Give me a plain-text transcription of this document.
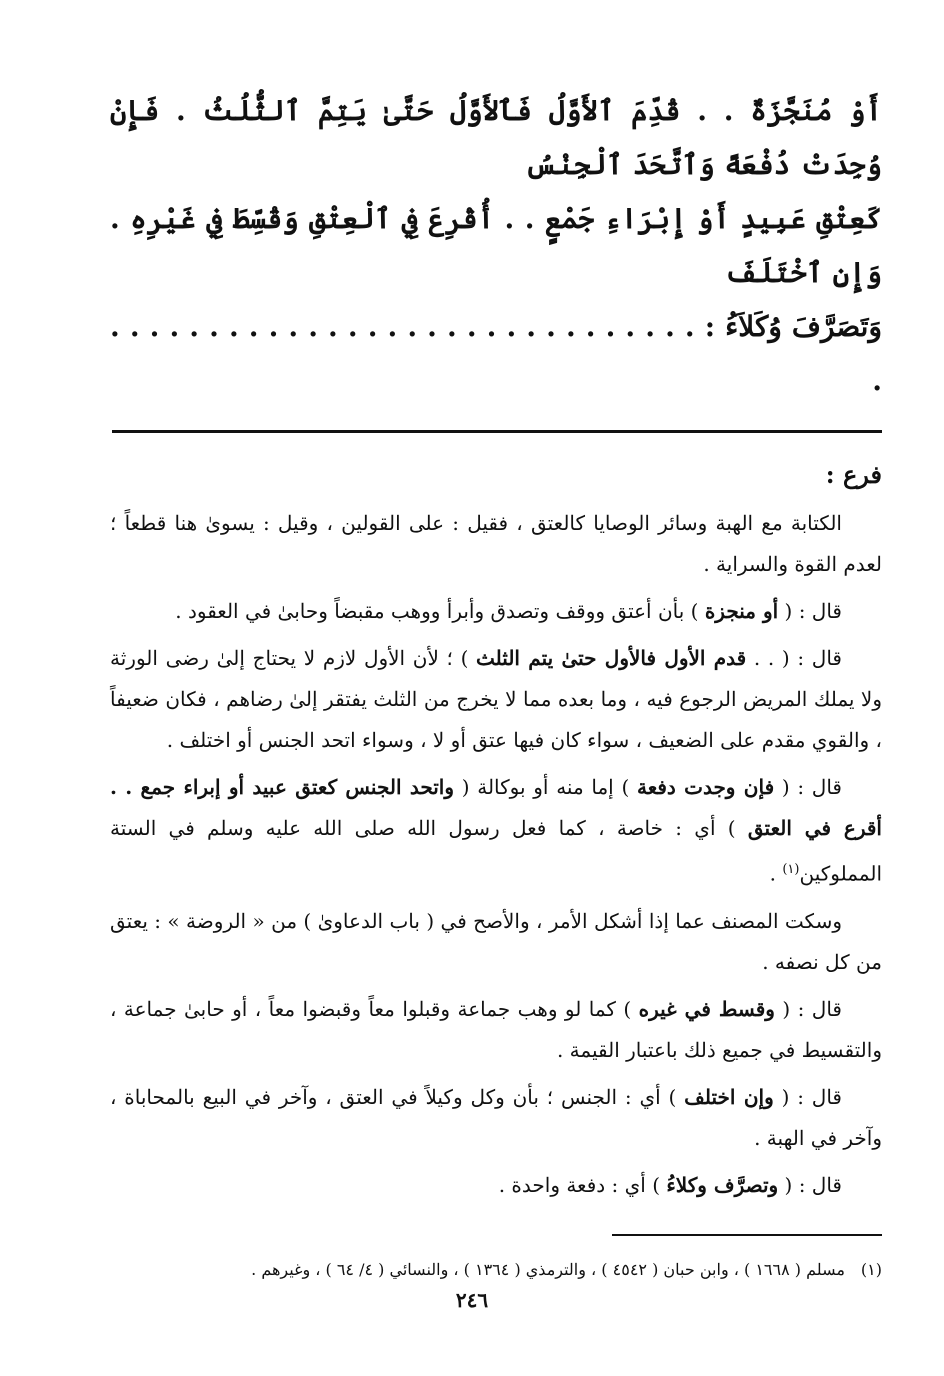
أَوْ مُنَجَّزَةٌ . . قُدِّمَ ٱلأَوَّلُ فَٱلأَوَّلُ حَتَّىٰ يَتِمَّ ٱلثُّلُثُ . فَإِنْ وُجِدَتْ دُفْعَةً وَٱتَّحَدَ ٱلْجِنْسُ
كَعِتْقِ عَبِيدٍ أَوْ إِبْرَاءِ جَمْعٍ . . أُقْرِعَ فِي ٱلْعِتْقِ وَقُسِّطَ فِي غَيْرِهِ . وَإِنِ ٱخْتَلَفَ
وَتَصَرَّفَ وُكَلاَءُ : . . . . . . . . . . . . . . . . . . . . . . . . . . . . . . .
فرع :

الكتابة مع الهبة وسائر الوصايا كالعتق ، فقيل : على القولين ، وقيل : يسوىٰ هنا قطعاً ؛ لعدم القوة والسراية .

قال : ( أو منجزة ) بأن أعتق ووقف وتصدق وأبرأ ووهب مقبضاً وحابىٰ في العقود .

قال : ( . . قدم الأول فالأول حتىٰ يتم الثلث ) ؛ لأن الأول لازم لا يحتاج إلىٰ رضى الورثة ولا يملك المريض الرجوع فيه ، وما بعده مما لا يخرج من الثلث يفتقر إلىٰ رضاهم ، فكان ضعيفاً ، والقوي مقدم على الضعيف ، سواء كان فيها عتق أو لا ، وسواء اتحد الجنس أو اختلف .

قال : ( فإن وجدت دفعة ) إما منه أو بوكالة ( واتحد الجنس كعتق عبيد أو إبراء جمع . . أقرع في العتق ) أي : خاصة ، كما فعل رسول الله صلى الله عليه وسلم في الستة المملوكين$^{(١)}$ .

وسكت المصنف عما إذا أشكل الأمر ، والأصح في ( باب الدعاوىٰ ) من « الروضة » : يعتق من كل نصفه .

قال : ( وقسط في غيره ) كما لو وهب جماعة وقبلوا معاً وقبضوا معاً ، أو حابىٰ جماعة ، والتقسيط في جميع ذلك باعتبار القيمة .

قال : ( وإن اختلف ) أي : الجنس ؛ بأن وكل وكيلاً في العتق ، وآخر في البيع بالمحاباة ، وآخر في الهبة .

قال : ( وتصرَّف وكلاءُ ) أي : دفعة واحدة .

(١)مسلم ( ١٦٦٨ ) ، وابن حبان ( ٤٥٤٢ ) ، والترمذي ( ١٣٦٤ ) ، والنسائي ( ٤/ ٦٤ ) ، وغيرهم .
٢٤٦
